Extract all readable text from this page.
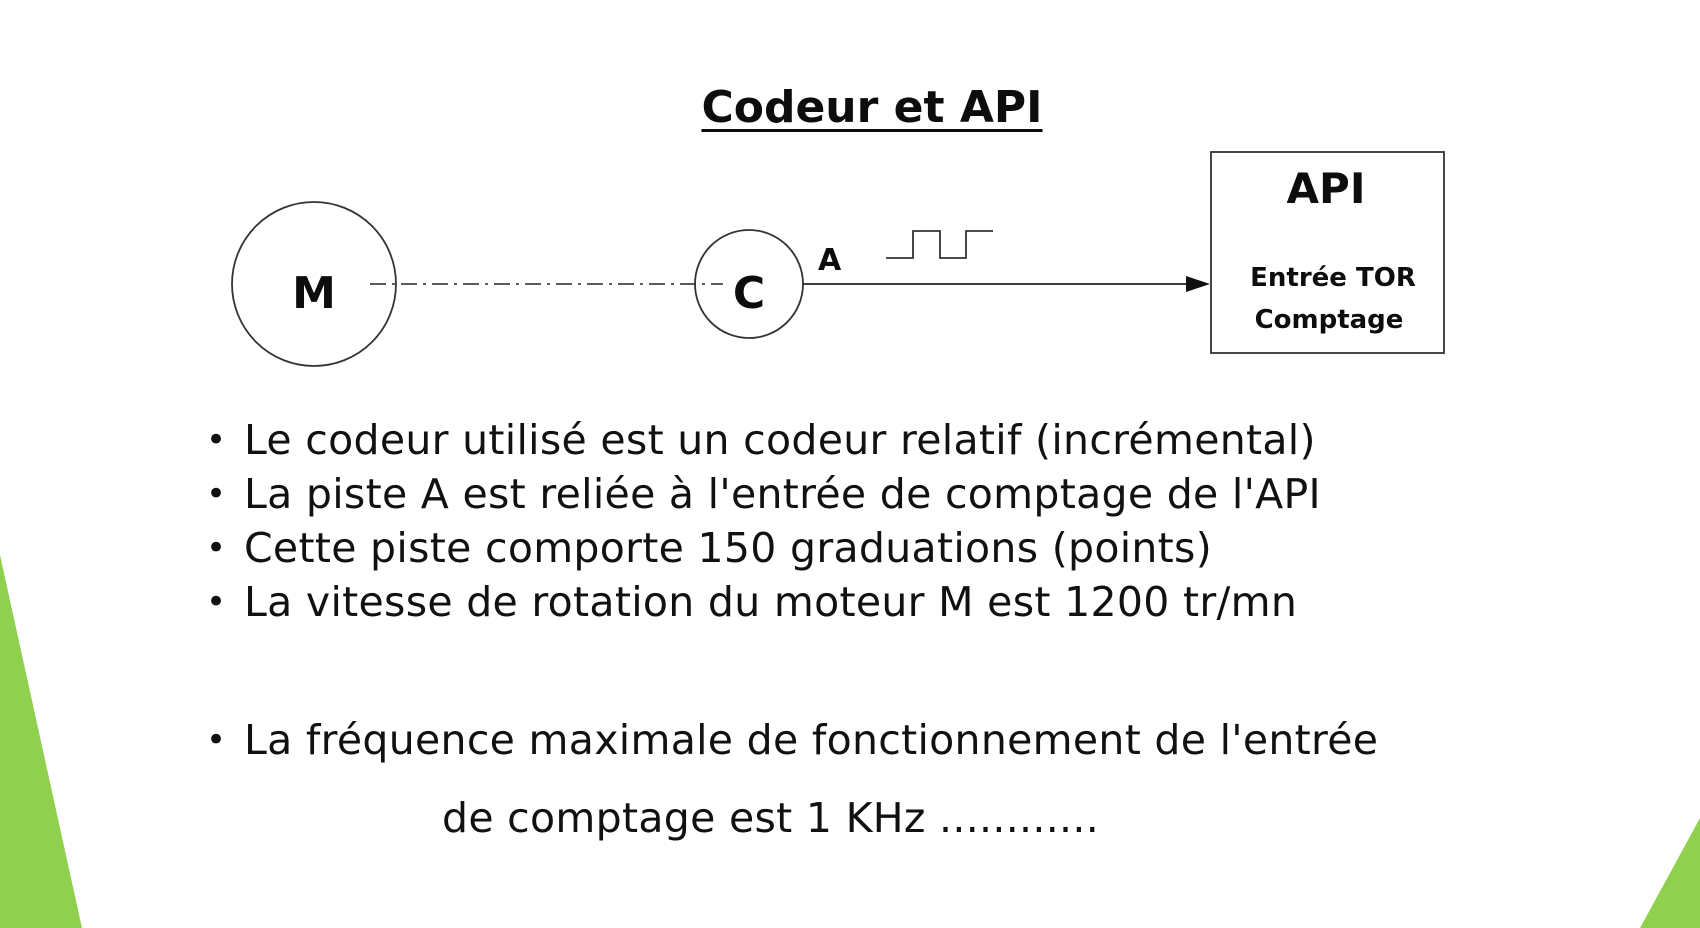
M	C
A
API
Entrée TOR
Comptage
Codeur et API
• Le codeur utilisé est un codeur relatif (incrémental)
• La piste A est reliée à l'entrée de comptage de l'API
• Cette piste comporte 150 graduations (points)
• La vitesse de rotation du moteur M est 1200 tr/mn
• La fréquence maximale de fonctionnement de l'entrée
de comptage est 1 KHz ............
